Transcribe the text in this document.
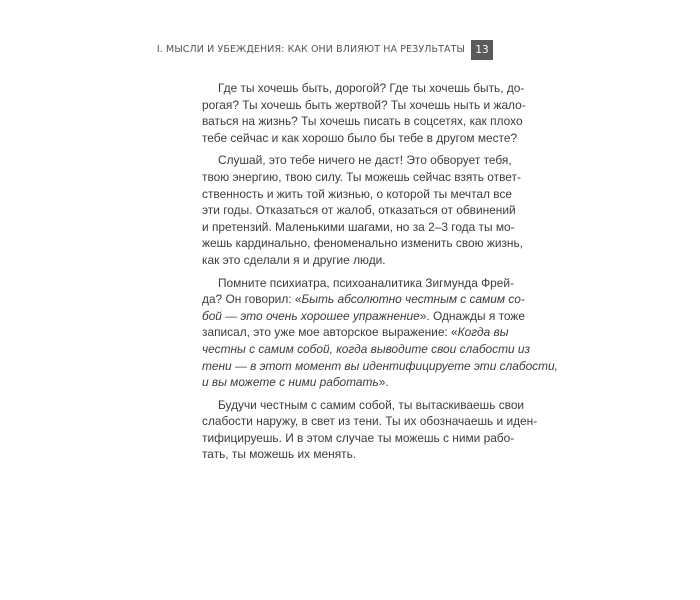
I. МЫСЛИ И УБЕЖДЕНИЯ: КАК ОНИ ВЛИЯЮТ НА РЕЗУЛЬТАТЫ 13
Где ты хочешь быть, дорогой? Где ты хочешь быть, до-
рогая? Ты хочешь быть жертвой? Ты хочешь ныть и жало-
ваться на жизнь? Ты хочешь писать в соцсетях, как плохо
тебе сейчас и как хорошо было бы тебе в другом месте?
Слушай, это тебе ничего не даст! Это обворует тебя,
твою энергию, твою силу. Ты можешь сейчас взять ответ-
ственность и жить той жизнью, о которой ты мечтал все
эти годы. Отказаться от жалоб, отказаться от обвинений
и претензий. Маленькими шагами, но за 2–3 года ты мо-
жешь кардинально, феноменально изменить свою жизнь,
как это сделали я и другие люди.
Помните психиатра, психоаналитика Зигмунда Фрей-
да? Он говорил: «Быть абсолютно честным с самим со-
бой — это очень хорошее упражнение». Однажды я тоже
записал, это уже мое авторское выражение: «Когда вы
честны с самим собой, когда выводите свои слабости из
тени — в этот момент вы идентифицируете эти слабости,
и вы можете с ними работать».
Будучи честным с самим собой, ты вытаскиваешь свои
слабости наружу, в свет из тени. Ты их обозначаешь и иден-
тифицируешь. И в этом случае ты можешь с ними рабо-
тать, ты можешь их менять.
